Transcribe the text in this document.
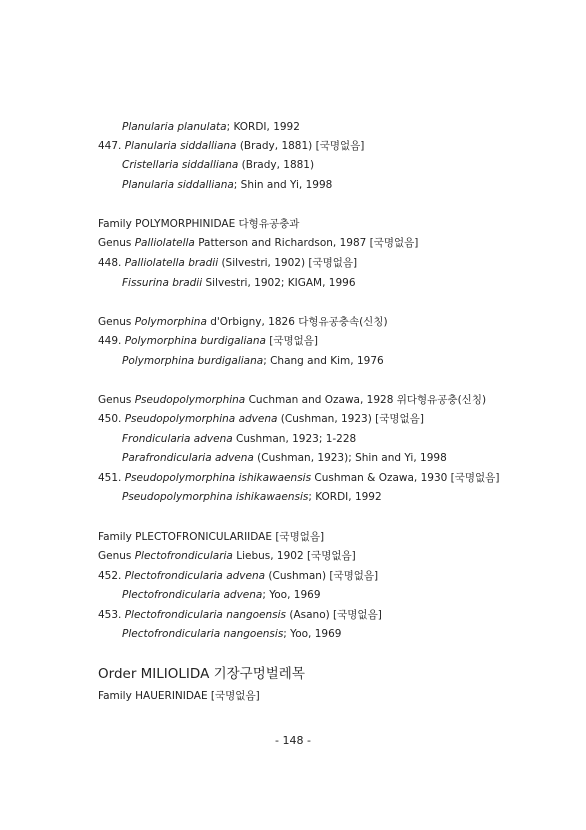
Planularia planulata; KORDI, 1992
447. Planularia siddalliana (Brady, 1881) [국명없음]
Cristellaria siddalliana (Brady, 1881)
Planularia siddalliana; Shin and Yi, 1998
Family POLYMORPHINIDAE 다형유공충과
Genus Palliolatella Patterson and Richardson, 1987 [국명없음]
448. Palliolatella bradii (Silvestri, 1902) [국명없음]
Fissurina bradii Silvestri, 1902; KIGAM, 1996
Genus Polymorphina d'Orbigny, 1826 다형유공충속(신칭)
449. Polymorphina burdigaliana [국명없음]
Polymorphina burdigaliana; Chang and Kim, 1976
Genus Pseudopolymorphina Cuchman and Ozawa, 1928 위다형유공충(신칭)
450. Pseudopolymorphina advena (Cushman, 1923) [국명없음]
Frondicularia advena Cushman, 1923; 1-228
Parafrondicularia advena (Cushman, 1923); Shin and Yi, 1998
451. Pseudopolymorphina ishikawaensis Cushman & Ozawa, 1930 [국명없음]
Pseudopolymorphina ishikawaensis; KORDI, 1992
Family PLECTOFRONICULARIIDAE [국명없음]
Genus Plectofrondicularia Liebus, 1902 [국명없음]
452. Plectofrondicularia advena (Cushman) [국명없음]
Plectofrondicularia advena; Yoo, 1969
453. Plectofrondicularia nangoensis (Asano) [국명없음]
Plectofrondicularia nangoensis; Yoo, 1969
Order MILIOLIDA 기장구멍벌레목
Family HAUERINIDAE [국명없음]
- 148 -
